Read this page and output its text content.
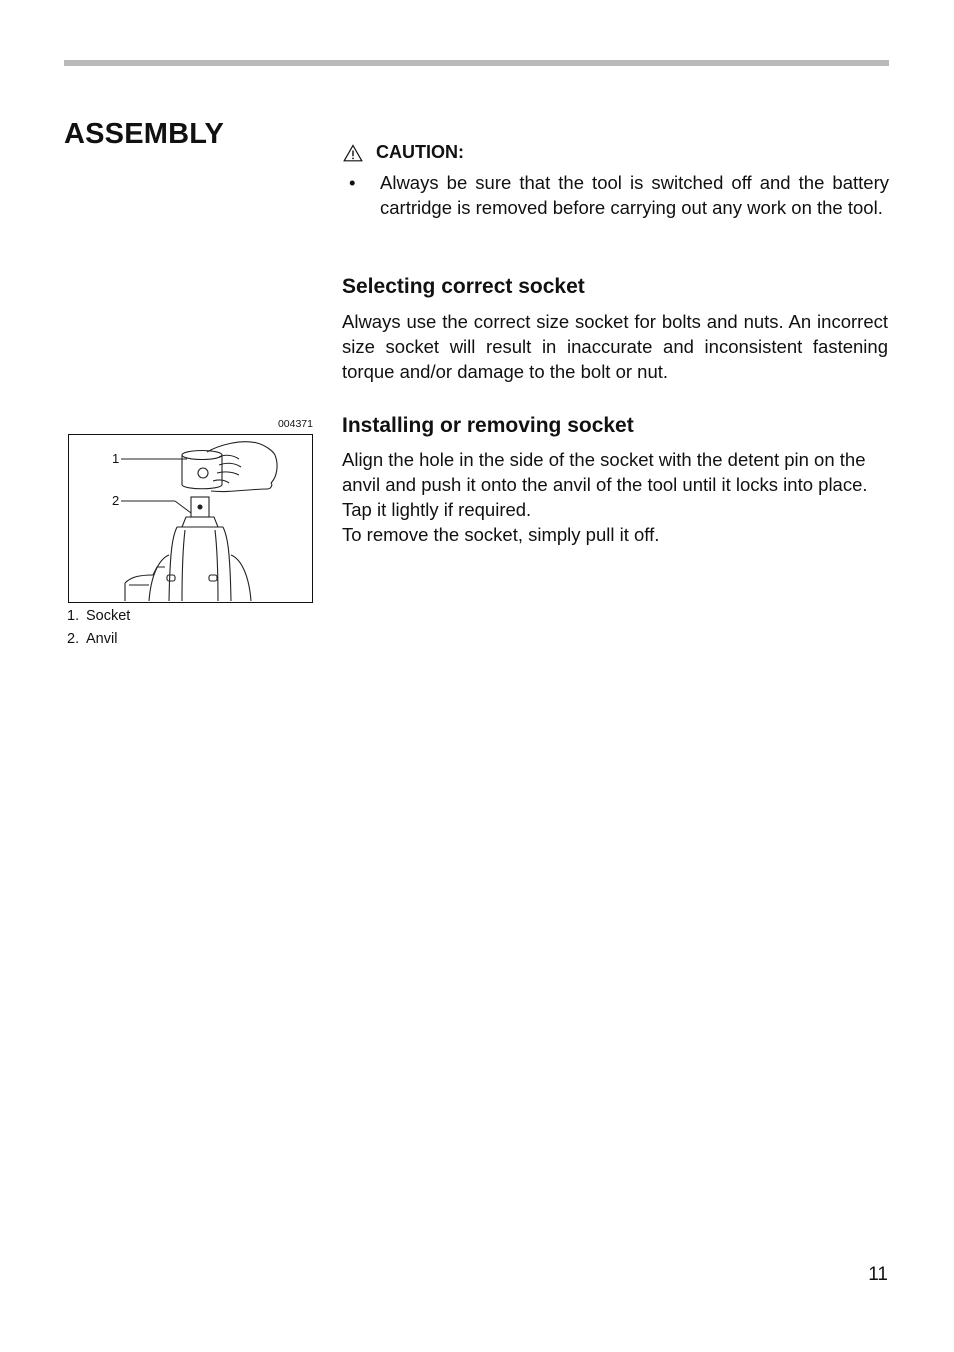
ASSEMBLY
CAUTION:
• Always be sure that the tool is switched off and the battery cartridge is removed before carrying out any work on the tool.
Selecting correct socket

Always use the correct size socket for bolts and nuts. An incorrect size socket will result in inaccurate and inconsistent fastening torque and/or damage to the bolt or nut.

Installing or removing socket

Align the hole in the side of the socket with the detent pin on the anvil and push it onto the anvil of the tool until it locks into place. Tap it lightly if required.

To remove the socket, simply pull it off.

004371
1
2
1. Socket
2. Anvil
11
